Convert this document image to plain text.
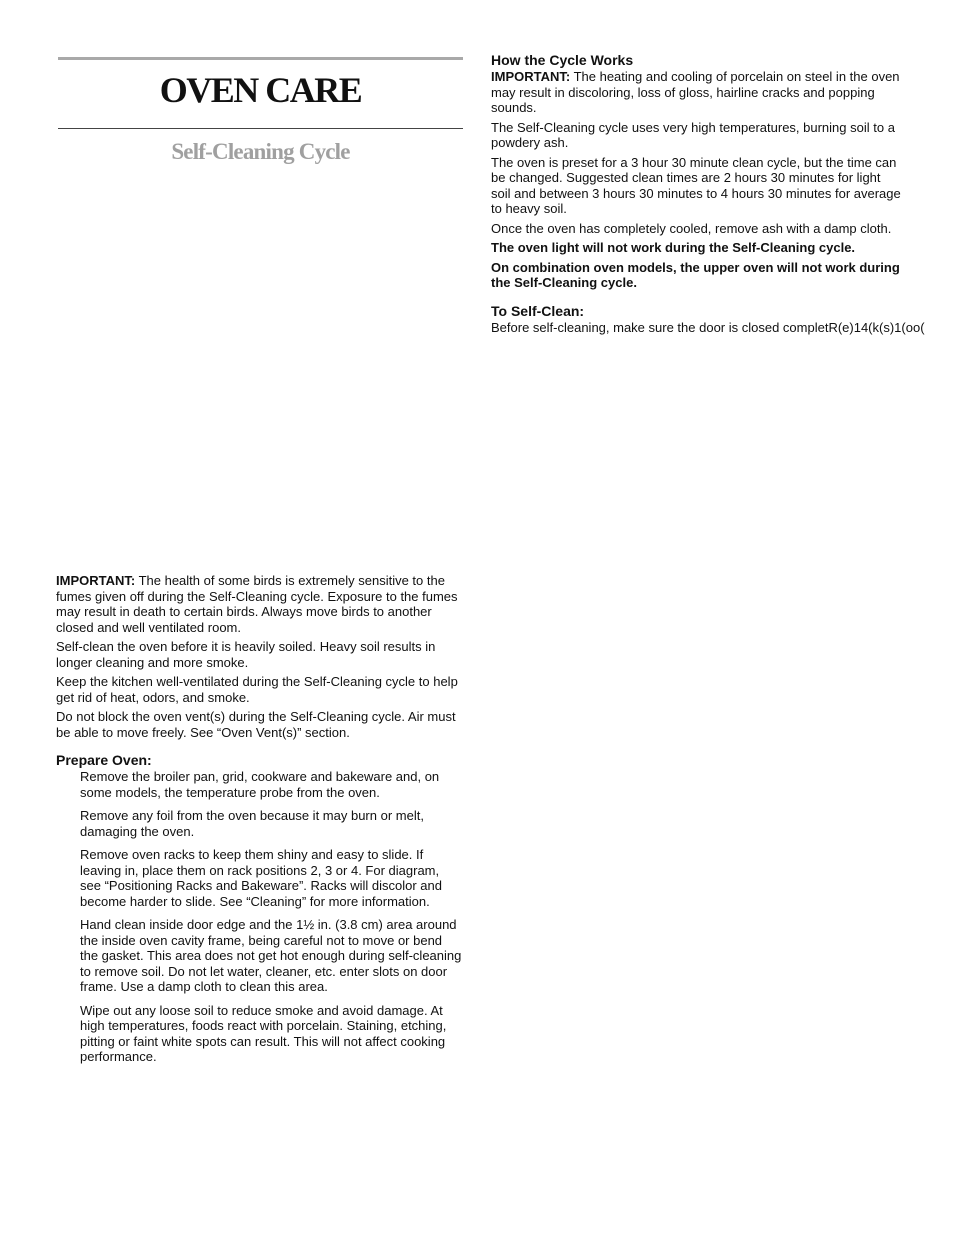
OVEN CARE
Self-Cleaning Cycle

IMPORTANT: The health of some birds is extremely sensitive to the fumes given off during the Self-Cleaning cycle. Exposure to the fumes may result in death to certain birds. Always move birds to another closed and well ventilated room.

Self-clean the oven before it is heavily soiled. Heavy soil results in longer cleaning and more smoke.

Keep the kitchen well-ventilated during the Self-Cleaning cycle to help get rid of heat, odors, and smoke.

Do not block the oven vent(s) during the Self-Cleaning cycle. Air must be able to move freely. See “Oven Vent(s)” section.

Prepare Oven:

Remove the broiler pan, grid, cookware and bakeware and, on some models, the temperature probe from the oven.

Remove any foil from the oven because it may burn or melt, damaging the oven.

Remove oven racks to keep them shiny and easy to slide. If leaving in, place them on rack positions 2, 3 or 4. For diagram, see “Positioning Racks and Bakeware”. Racks will discolor and become harder to slide. See “Cleaning” for more information.

Hand clean inside door edge and the 1½ in. (3.8 cm) area around the inside oven cavity frame, being careful not to move or bend the gasket. This area does not get hot enough during self-cleaning to remove soil. Do not let water, cleaner, etc. enter slots on door frame. Use a damp cloth to clean this area.

Wipe out any loose soil to reduce smoke and avoid damage. At high temperatures, foods react with porcelain. Staining, etching, pitting or faint white spots can result. This will not affect cooking performance.

How the Cycle Works

IMPORTANT: The heating and cooling of porcelain on steel in the oven may result in discoloring, loss of gloss, hairline cracks and popping sounds.

The Self-Cleaning cycle uses very high temperatures, burning soil to a powdery ash.

The oven is preset for a 3 hour 30 minute clean cycle, but the time can be changed. Suggested clean times are 2 hours 30 minutes for light soil and between 3 hours 30 minutes to 4 hours 30 minutes for average to heavy soil.

Once the oven has completely cooled, remove ash with a damp cloth.

The oven light will not work during the Self-Cleaning cycle.

On combination oven models, the upper oven will not work during the Self-Cleaning cycle.

To Self-Clean:

Before self-cleaning, make sure the door is closed completR(e)14(k(s)1(oo(
